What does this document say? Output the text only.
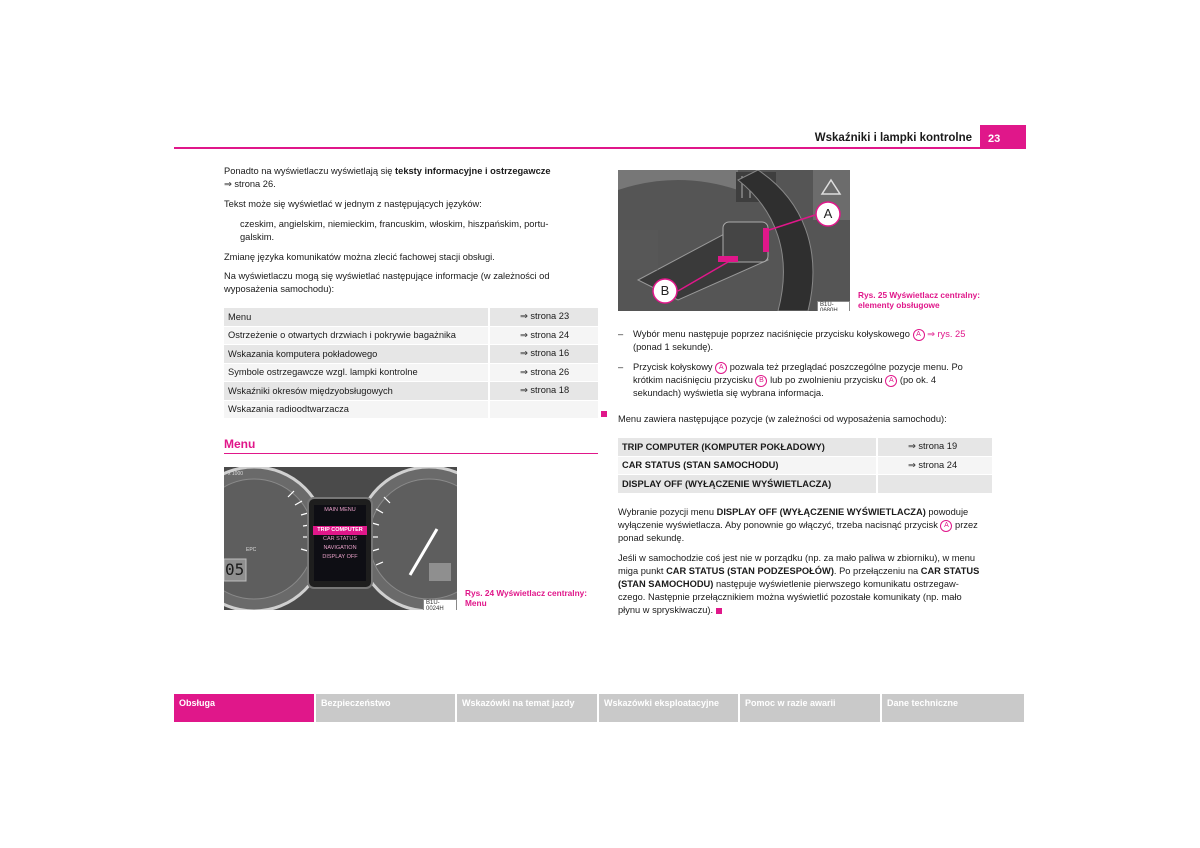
Wskaźniki i lampki kontrolne	23
Ponadto na wyświetlaczu wyświetlają się teksty informacyjne i ostrzegawcze
⇒ strona 26.
Tekst może się wyświetlać w jednym z następujących języków:
czeskim, angielskim, niemieckim, francuskim, włoskim, hiszpańskim, portu-
galskim.
Zmianę języka komunikatów można zlecić fachowej stacji obsługi.
Na wyświetlaczu mogą się wyświetlać następujące informacje (w zależności od
wyposażenia samochodu):
Menu	⇒ strona 23
Ostrzeżenie o otwartych drzwiach i pokrywie bagażnika	⇒ strona 24
Wskazania komputera pokładowego	⇒ strona 16
Symbole ostrzegawcze wzgl. lampki kontrolne	⇒ strona 26
Wskaźniki okresów międzyobsługowych	⇒ strona 18
Wskazania radioodtwarzacza	
Menu
x 1000
EPC
05
MAIN MENU
TRIP COMPUTER
CAR STATUS
NAVIGATION
DISPLAY OFF
B1U-0024H
Rys. 24 Wyświetlacz centralny:
Menu
A
B
B1U-0680H
Rys. 25 Wyświetlacz centralny:
elementy obsługowe
– Wybór menu następuje poprzez naciśnięcie przycisku kołyskowego A ⇒ rys. 25
(ponad 1 sekundę).
– Przycisk kołyskowy A pozwala też przeglądać poszczególne pozycje menu. Po
krótkim naciśnięciu przycisku B lub po zwolnieniu przycisku A (po ok. 4
sekundach) wyświetla się wybrana informacja.
Menu zawiera następujące pozycje (w zależności od wyposażenia samochodu):
TRIP COMPUTER (KOMPUTER POKŁADOWY)	⇒ strona 19
CAR STATUS (STAN SAMOCHODU)	⇒ strona 24
DISPLAY OFF (WYŁĄCZENIE WYŚWIETLACZA)	
Wybranie pozycji menu DISPLAY OFF (WYŁĄCZENIE WYŚWIETLACZA) powoduje
wyłączenie wyświetlacza. Aby ponownie go włączyć, trzeba nacisnąć przycisk A przez
ponad sekundę.
Jeśli w samochodzie coś jest nie w porządku (np. za mało paliwa w zbiorniku), w menu
miga punkt CAR STATUS (STAN PODZESPOŁÓW). Po przełączeniu na CAR STATUS
(STAN SAMOCHODU) następuje wyświetlenie pierwszego komunikatu ostrzegaw-
czego. Następnie przełącznikiem można wyświetlić pozostałe komunikaty (np. mało
płynu w spryskiwaczu).
Obsługa	Bezpieczeństwo	Wskazówki na temat jazdy	Wskazówki eksploatacyjne	Pomoc w razie awarii	Dane techniczne
